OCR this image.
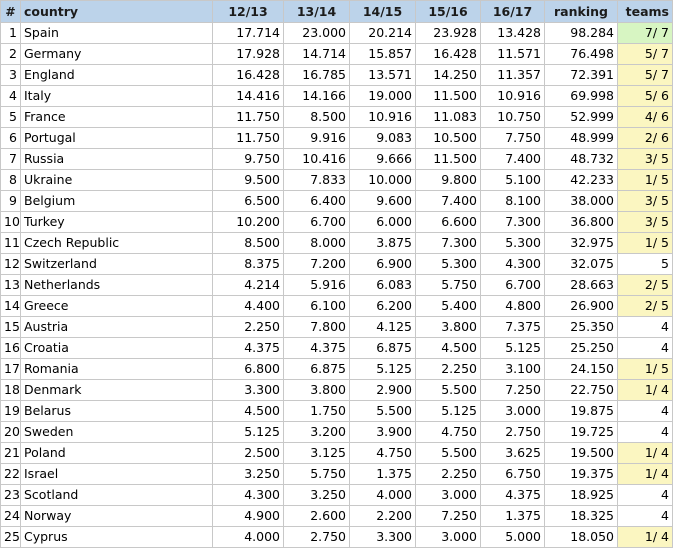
#	country	12/13	13/14	14/15	15/16	16/17	ranking	teams
1	Spain	17.714	23.000	20.214	23.928	13.428	98.284	7/ 7
2	Germany	17.928	14.714	15.857	16.428	11.571	76.498	5/ 7
3	England	16.428	16.785	13.571	14.250	11.357	72.391	5/ 7
4	Italy	14.416	14.166	19.000	11.500	10.916	69.998	5/ 6
5	France	11.750	8.500	10.916	11.083	10.750	52.999	4/ 6
6	Portugal	11.750	9.916	9.083	10.500	7.750	48.999	2/ 6
7	Russia	9.750	10.416	9.666	11.500	7.400	48.732	3/ 5
8	Ukraine	9.500	7.833	10.000	9.800	5.100	42.233	1/ 5
9	Belgium	6.500	6.400	9.600	7.400	8.100	38.000	3/ 5
10	Turkey	10.200	6.700	6.000	6.600	7.300	36.800	3/ 5
11	Czech Republic	8.500	8.000	3.875	7.300	5.300	32.975	1/ 5
12	Switzerland	8.375	7.200	6.900	5.300	4.300	32.075	5
13	Netherlands	4.214	5.916	6.083	5.750	6.700	28.663	2/ 5
14	Greece	4.400	6.100	6.200	5.400	4.800	26.900	2/ 5
15	Austria	2.250	7.800	4.125	3.800	7.375	25.350	4
16	Croatia	4.375	4.375	6.875	4.500	5.125	25.250	4
17	Romania	6.800	6.875	5.125	2.250	3.100	24.150	1/ 5
18	Denmark	3.300	3.800	2.900	5.500	7.250	22.750	1/ 4
19	Belarus	4.500	1.750	5.500	5.125	3.000	19.875	4
20	Sweden	5.125	3.200	3.900	4.750	2.750	19.725	4
21	Poland	2.500	3.125	4.750	5.500	3.625	19.500	1/ 4
22	Israel	3.250	5.750	1.375	2.250	6.750	19.375	1/ 4
23	Scotland	4.300	3.250	4.000	3.000	4.375	18.925	4
24	Norway	4.900	2.600	2.200	7.250	1.375	18.325	4
25	Cyprus	4.000	2.750	3.300	3.000	5.000	18.050	1/ 4
